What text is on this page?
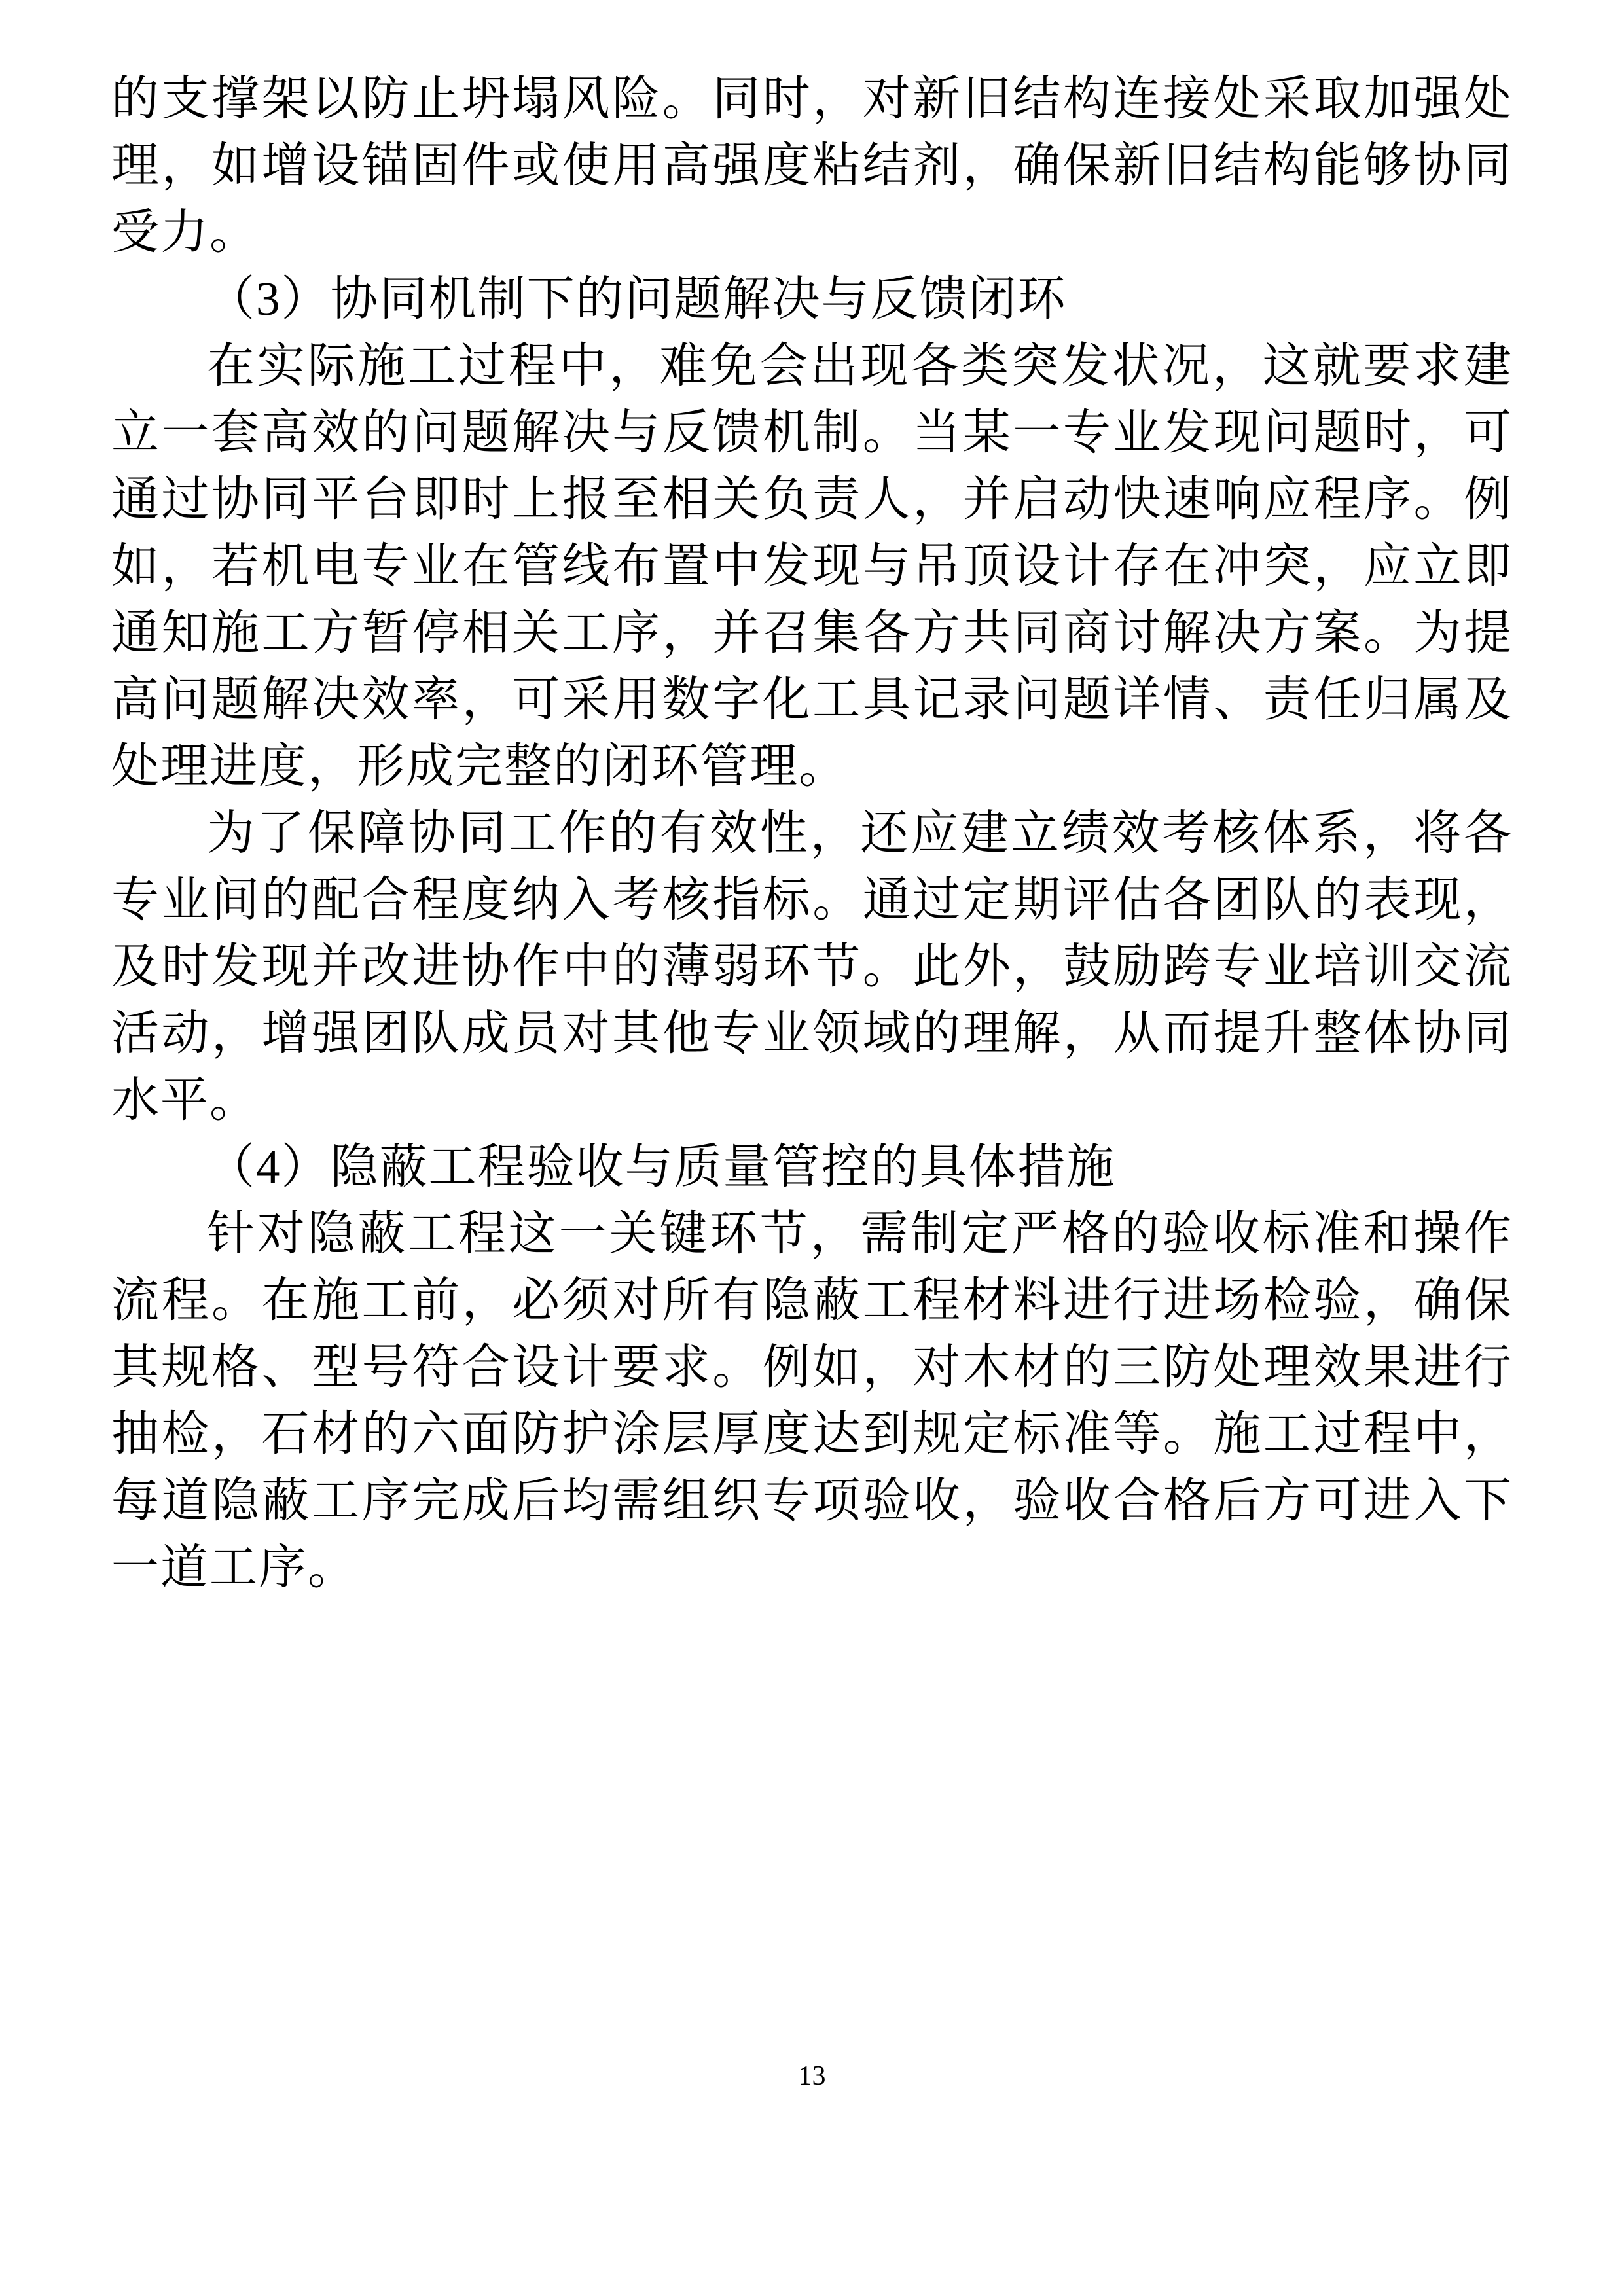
的支撑架以防止坍塌风险。同时，对新旧结构连接处采取加强处理，如增设锚固件或使用高强度粘结剂，确保新旧结构能够协同受力。

（3）协同机制下的问题解决与反馈闭环

在实际施工过程中，难免会出现各类突发状况，这就要求建立一套高效的问题解决与反馈机制。当某一专业发现问题时，可通过协同平台即时上报至相关负责人，并启动快速响应程序。例如，若机电专业在管线布置中发现与吊顶设计存在冲突，应立即通知施工方暂停相关工序，并召集各方共同商讨解决方案。为提高问题解决效率，可采用数字化工具记录问题详情、责任归属及处理进度，形成完整的闭环管理。

为了保障协同工作的有效性，还应建立绩效考核体系，将各专业间的配合程度纳入考核指标。通过定期评估各团队的表现，及时发现并改进协作中的薄弱环节。此外，鼓励跨专业培训交流活动，增强团队成员对其他专业领域的理解，从而提升整体协同水平。

（4）隐蔽工程验收与质量管控的具体措施

针对隐蔽工程这一关键环节，需制定严格的验收标准和操作流程。在施工前，必须对所有隐蔽工程材料进行进场检验，确保其规格、型号符合设计要求。例如，对木材的三防处理效果进行抽检，石材的六面防护涂层厚度达到规定标准等。施工过程中，每道隐蔽工序完成后均需组织专项验收，验收合格后方可进入下一道工序。

13
